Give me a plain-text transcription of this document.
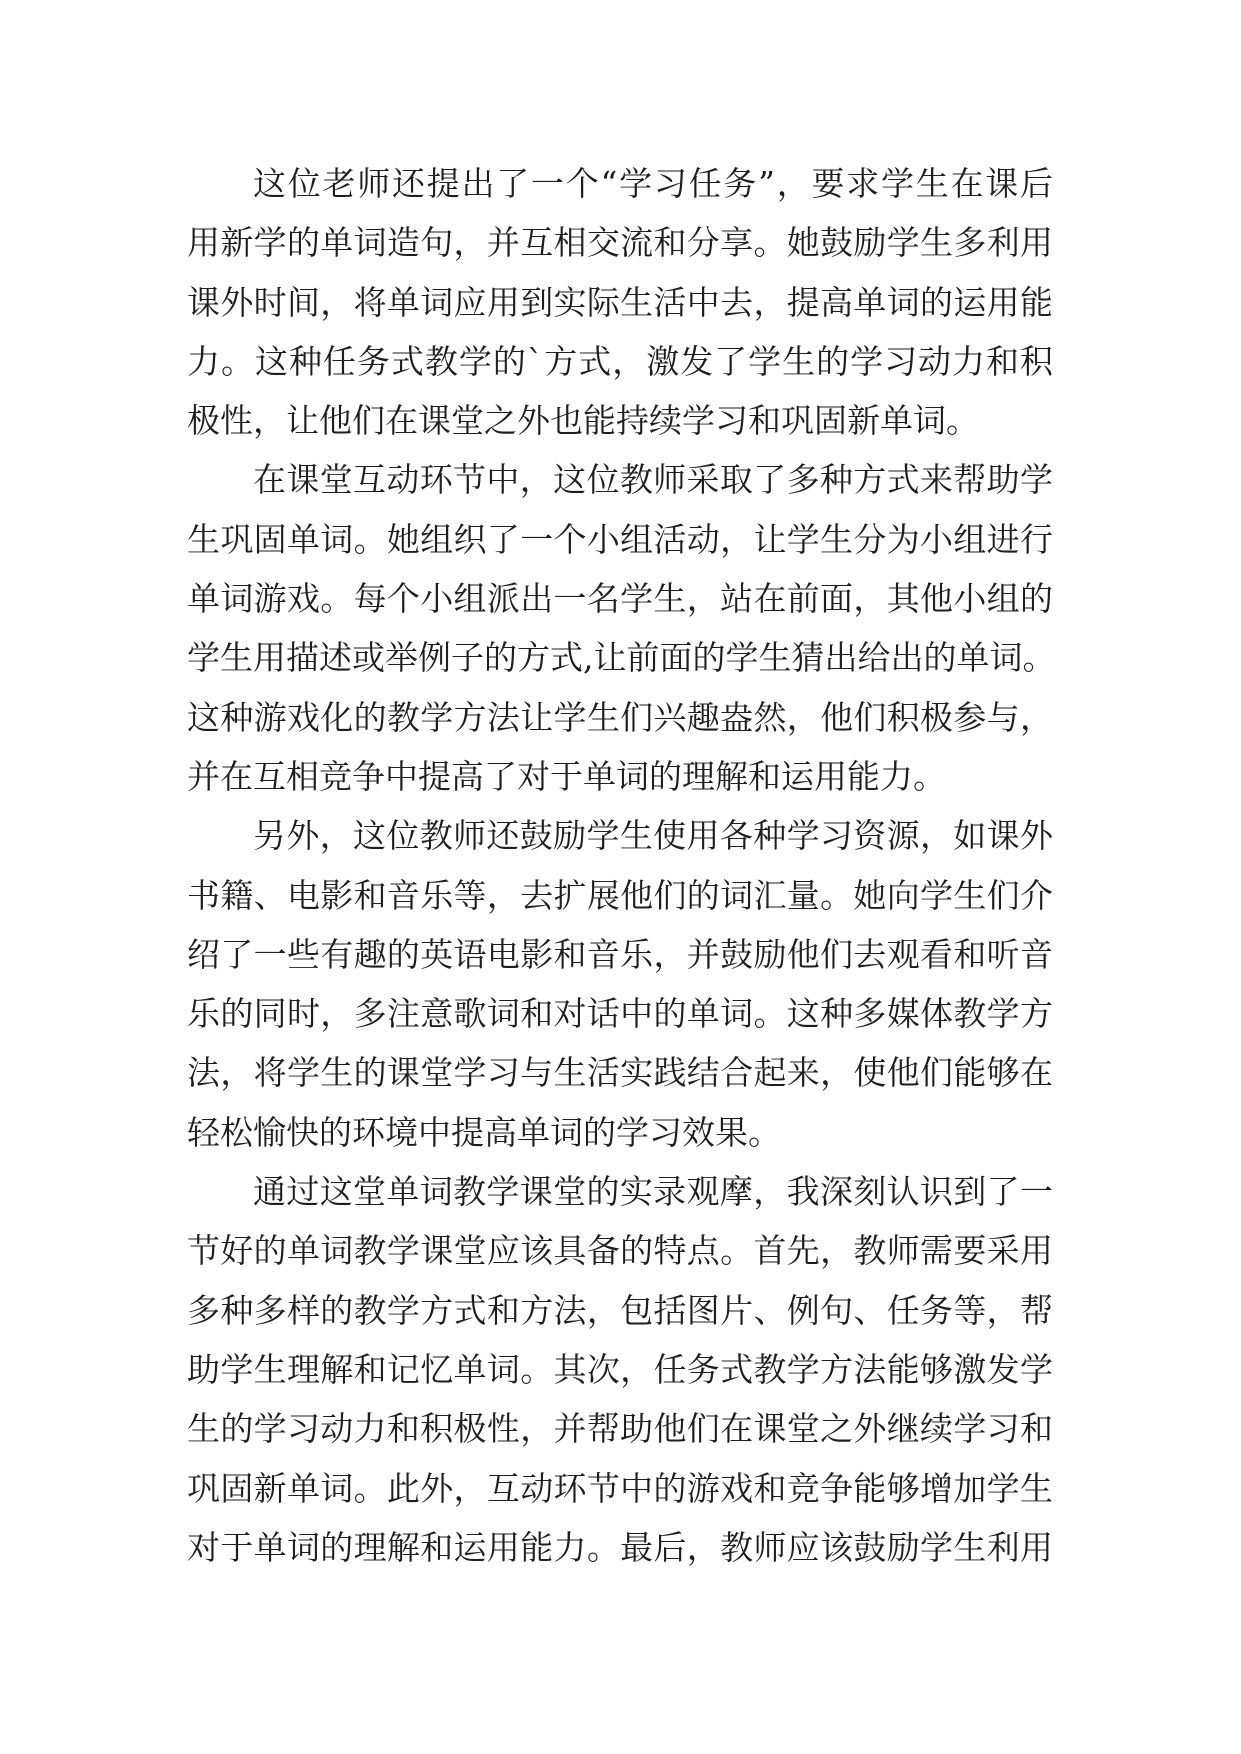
这位老师还提出了一个“学习任务”，要求学生在课后
用新学的单词造句，并互相交流和分享。她鼓励学生多利用
课外时间，将单词应用到实际生活中去，提高单词的运用能
力。这种任务式教学的`方式，激发了学生的学习动力和积
极性，让他们在课堂之外也能持续学习和巩固新单词。
在课堂互动环节中，这位教师采取了多种方式来帮助学
生巩固单词。她组织了一个小组活动，让学生分为小组进行
单词游戏。每个小组派出一名学生，站在前面，其他小组的
学生用描述或举例子的方式,让前面的学生猜出给出的单词。
这种游戏化的教学方法让学生们兴趣盎然，他们积极参与，
并在互相竞争中提高了对于单词的理解和运用能力。
另外，这位教师还鼓励学生使用各种学习资源，如课外
书籍、电影和音乐等，去扩展他们的词汇量。她向学生们介
绍了一些有趣的英语电影和音乐，并鼓励他们去观看和听音
乐的同时，多注意歌词和对话中的单词。这种多媒体教学方
法，将学生的课堂学习与生活实践结合起来，使他们能够在
轻松愉快的环境中提高单词的学习效果。
通过这堂单词教学课堂的实录观摩，我深刻认识到了一
节好的单词教学课堂应该具备的特点。首先，教师需要采用
多种多样的教学方式和方法，包括图片、例句、任务等，帮
助学生理解和记忆单词。其次，任务式教学方法能够激发学
生的学习动力和积极性，并帮助他们在课堂之外继续学习和
巩固新单词。此外，互动环节中的游戏和竞争能够增加学生
对于单词的理解和运用能力。最后，教师应该鼓励学生利用
